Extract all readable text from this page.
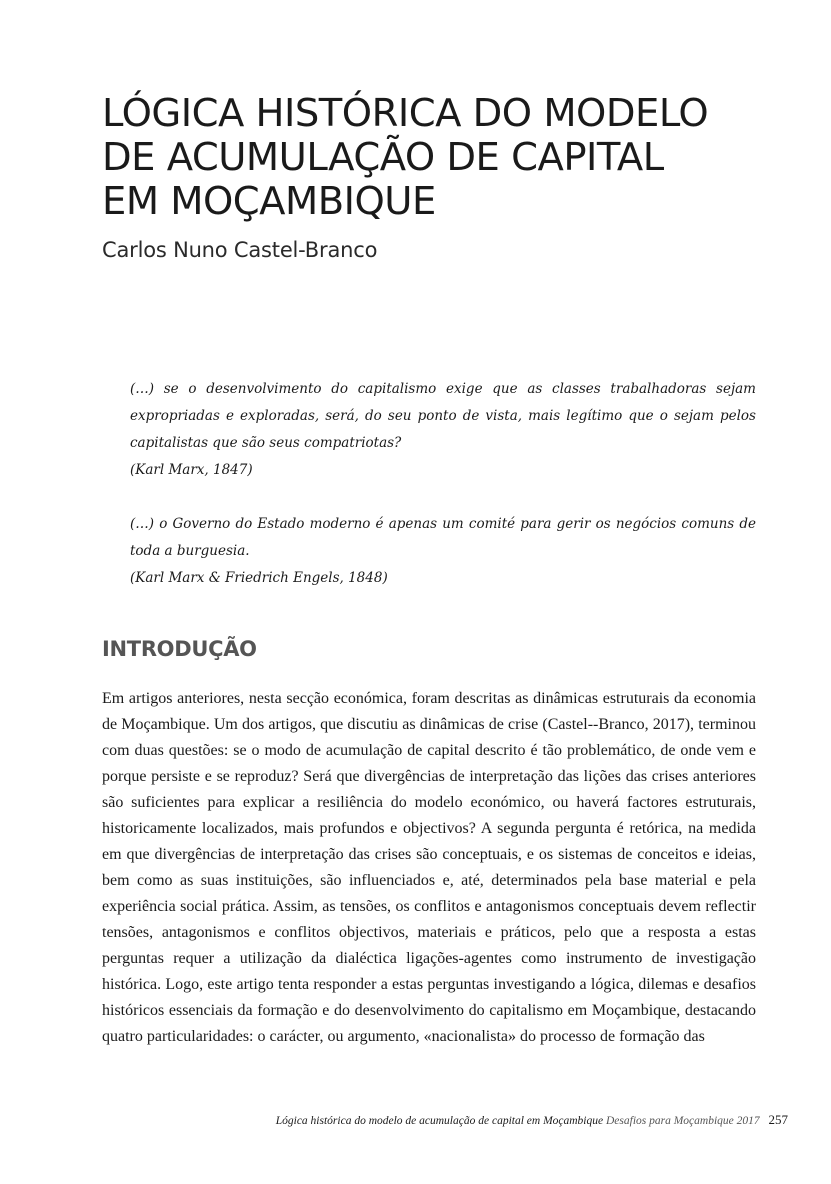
LÓGICA HISTÓRICA DO MODELO
DE ACUMULAÇÃO DE CAPITAL
EM MOÇAMBIQUE

Carlos Nuno Castel-Branco

(…) se o desenvolvimento do capitalismo exige que as classes trabalhadoras sejam expropriadas e exploradas, será, do seu ponto de vista, mais legítimo que o sejam pelos capitalistas que são seus compatriotas?

(Karl Marx, 1847)

(…) o Governo do Estado moderno é apenas um comité para gerir os negócios comuns de toda a burguesia.

(Karl Marx & Friedrich Engels, 1848)
INTRODUÇÃO

Em artigos anteriores, nesta secção económica, foram descritas as dinâmicas estruturais da economia de Moçambique. Um dos artigos, que discutiu as dinâmicas de crise (Castel--Branco, 2017), terminou com duas questões: se o modo de acumulação de capital descrito é tão problemático, de onde vem e porque persiste e se reproduz? Será que divergências de interpretação das lições das crises anteriores são suficientes para explicar a resiliência do modelo económico, ou haverá factores estruturais, historicamente localizados, mais profundos e objectivos? A segunda pergunta é retórica, na medida em que divergências de interpretação das crises são conceptuais, e os sistemas de conceitos e ideias, bem como as suas instituições, são influenciados e, até, determinados pela base material e pela experiência social prática. Assim, as tensões, os conflitos e antagonismos conceptuais devem reflectir tensões, antagonismos e conflitos objectivos, materiais e práticos, pelo que a resposta a estas perguntas requer a utilização da dialéctica ligações-agentes como instrumento de investigação histórica. Logo, este artigo tenta responder a estas perguntas investigando a lógica, dilemas e desafios históricos essenciais da formação e do desenvolvimento do capitalismo em Moçambique, destacando quatro particularidades: o carácter, ou argumento, «nacionalista» do processo de formação das

Lógica histórica do modelo de acumulação de capital em Moçambique Desafios para Moçambique 2017 257
